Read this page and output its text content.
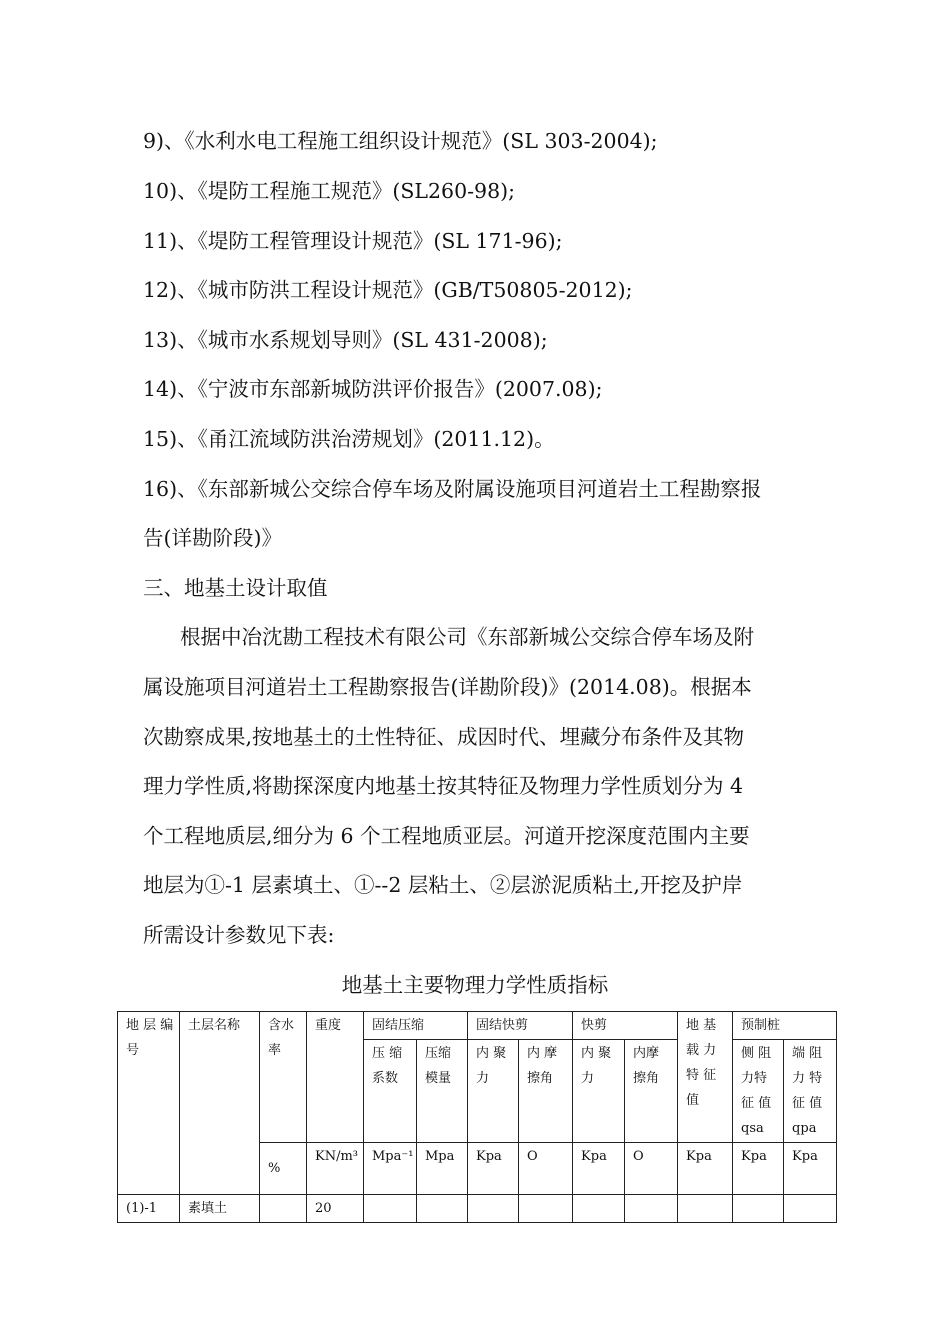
9)、《水利水电工程施工组织设计规范》(SL 303-2004);
10)、《堤防工程施工规范》(SL260-98);
11)、《堤防工程管理设计规范》(SL 171-96);
12)、《城市防洪工程设计规范》(GB/T50805-2012);
13)、《城市水系规划导则》(SL 431-2008);
14)、《宁波市东部新城防洪评价报告》(2007.08);
15)、《甬江流域防洪治涝规划》(2011.12)。
16)、《东部新城公交综合停车场及附属设施项目河道岩土工程勘察报
告(详勘阶段)》
三、地基土设计取值
根据中冶沈勘工程技术有限公司《东部新城公交综合停车场及附
属设施项目河道岩土工程勘察报告(详勘阶段)》(2014.08)。根据本
次勘察成果,按地基土的土性特征、成因时代、埋藏分布条件及其物
理力学性质,将勘探深度内地基土按其特征及物理力学性质划分为 4
个工程地质层,细分为 6 个工程地质亚层。河道开挖深度范围内主要
地层为①-1 层素填土、①--2 层粘土、②层淤泥质粘土,开挖及护岸
所需设计参数见下表:
地基土主要物理力学性质指标
地 层 编号	土层名称	含水率	重度	固结压缩		固结快剪		快剪		地 基 载 力 特 征 值	预制桩	
				压 缩 系数	压缩 模量	内 聚 力	内 摩 擦角	内 聚 力	内摩 擦角		侧 阻 力特 征 值 qsa	端 阻 力 特 征 值 qpa
		%	KN/m³	Mpa⁻¹	Mpa	Kpa	O	Kpa	O	Kpa	Kpa	Kpa
(1)-1	素填土		20									
